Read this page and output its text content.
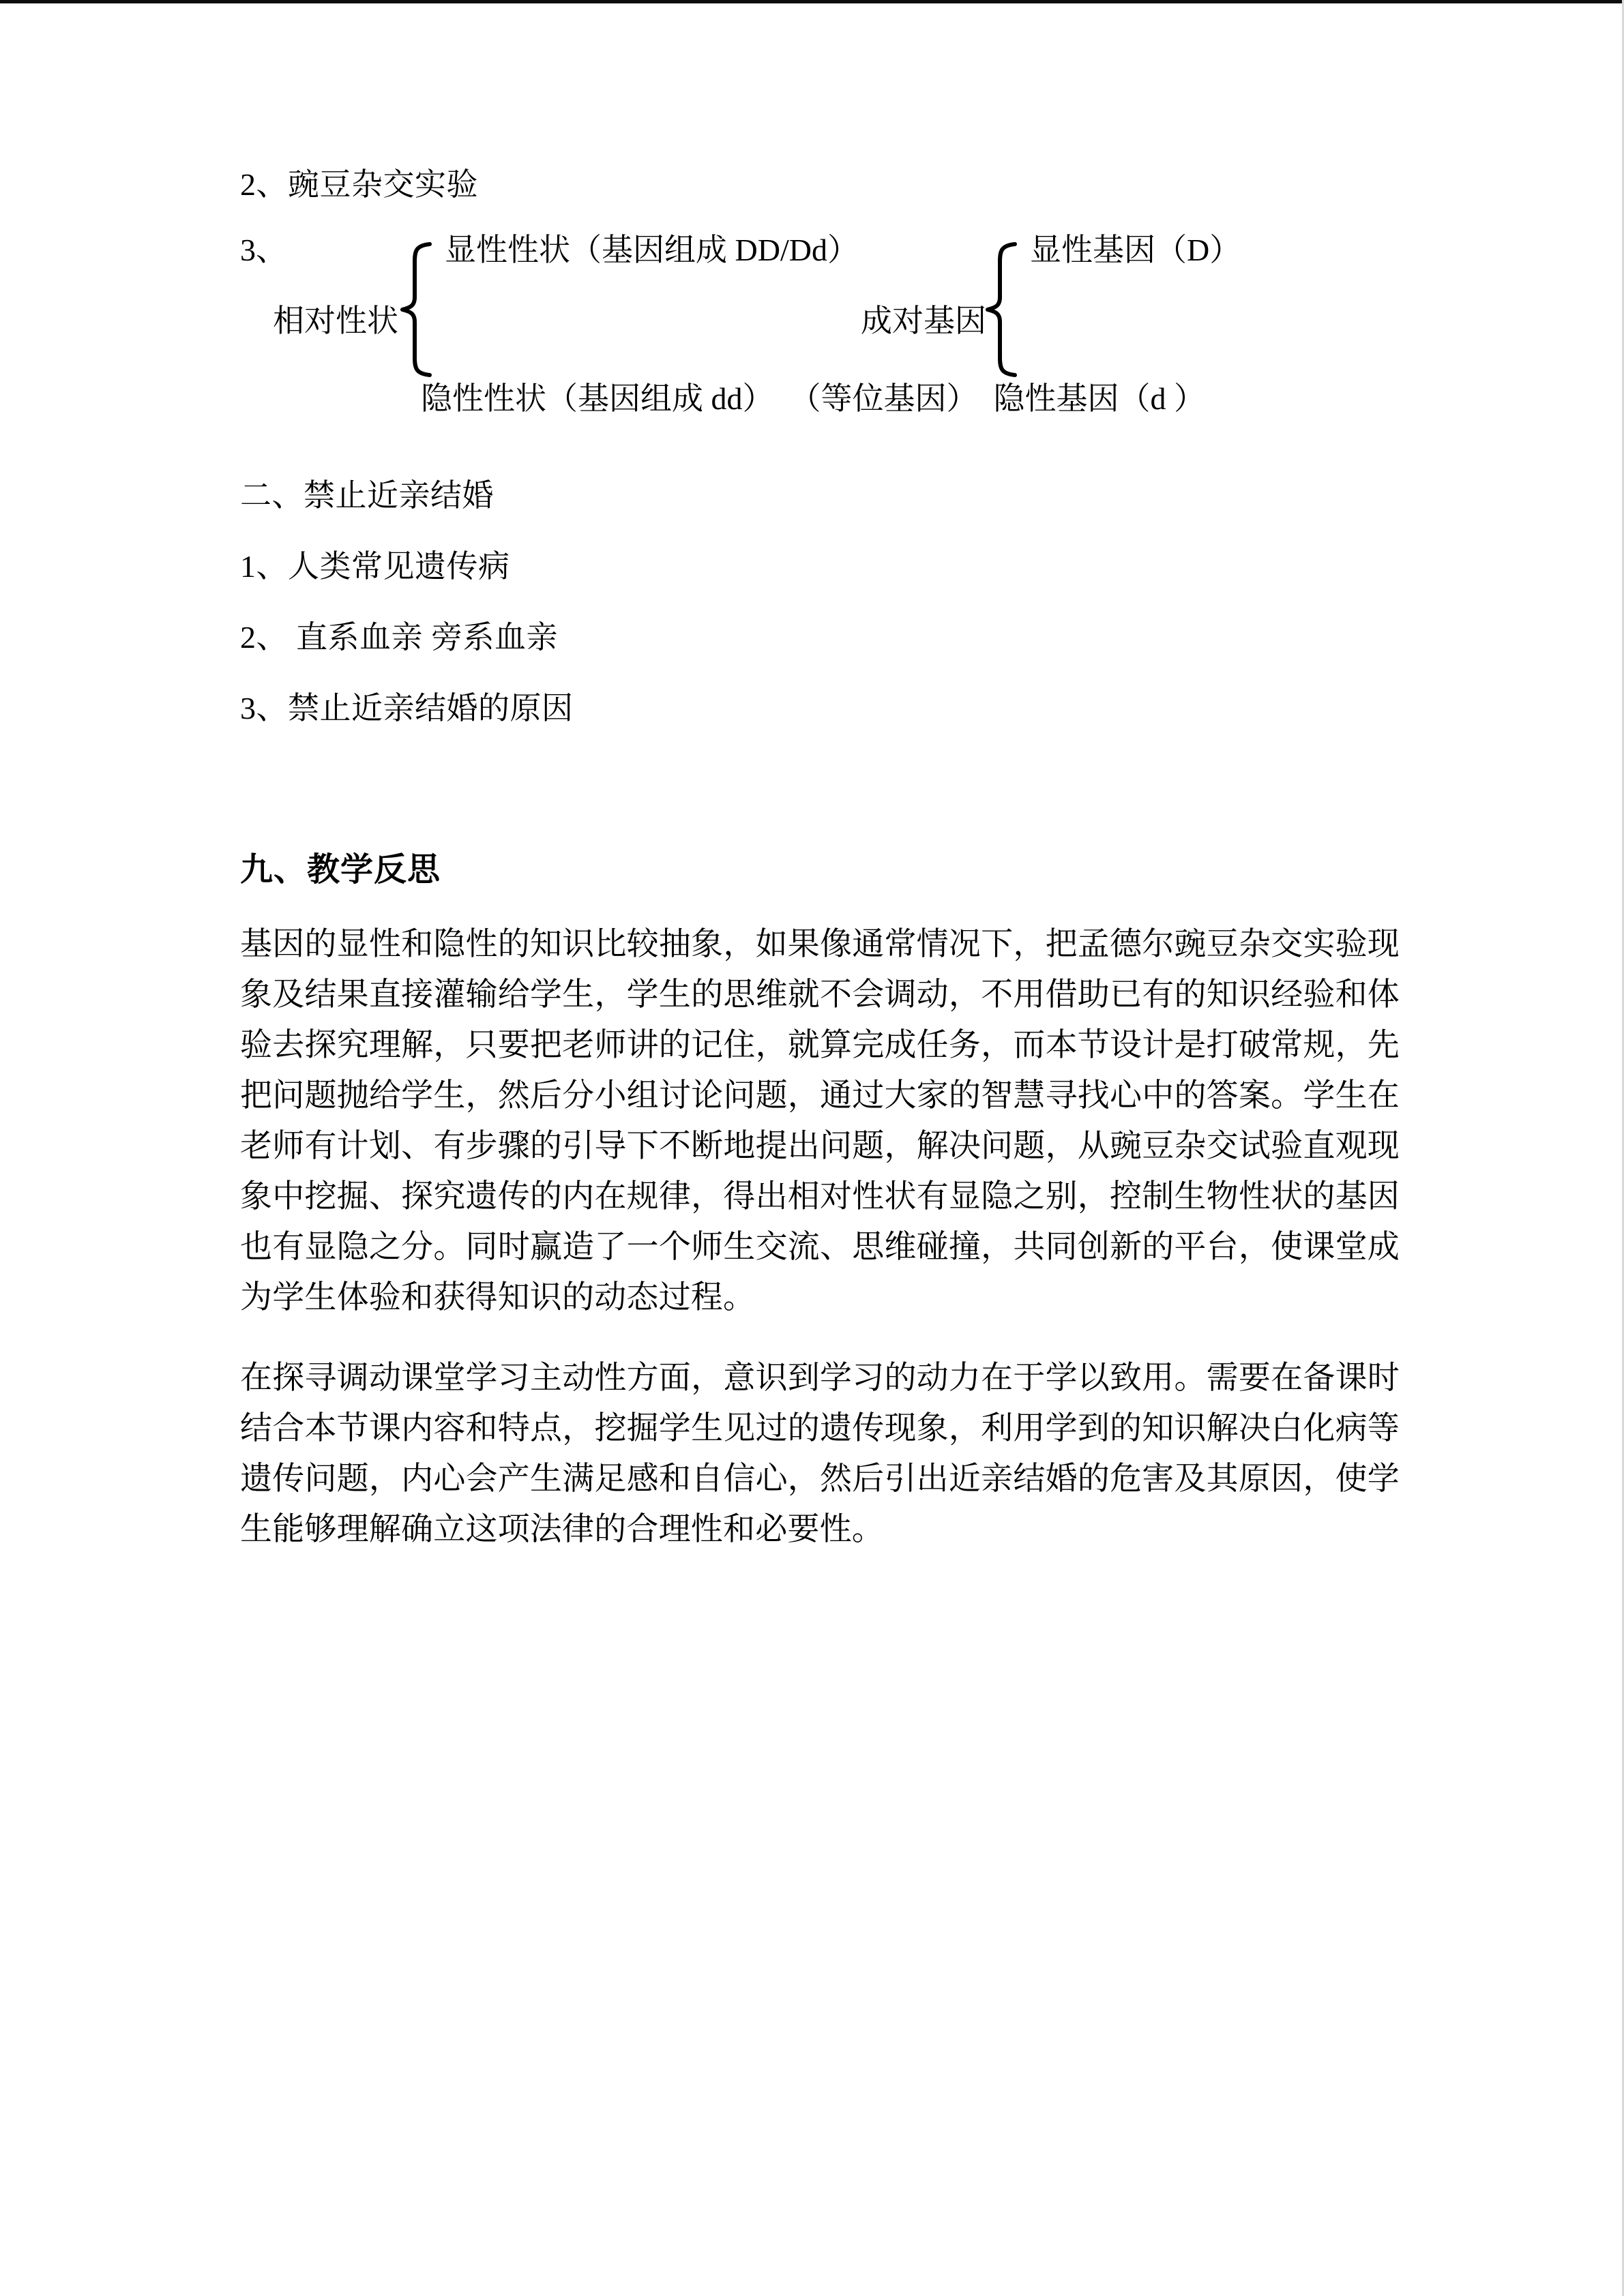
2、豌豆杂交实验

3、	显性性状（基因组成 DD/Dd）	显性基因（D）
相对性状	成对基因
隐性性状（基因组成 dd）  （等位基因）  隐性基因（d ）

二、禁止近亲结婚

1、人类常见遗传病

2、 直系血亲 旁系血亲

3、禁止近亲结婚的原因

九、教学反思

基因的显性和隐性的知识比较抽象，如果像通常情况下，把孟德尔豌豆杂交实验现象及结果直接灌输给学生，学生的思维就不会调动，不用借助已有的知识经验和体验去探究理解，只要把老师讲的记住，就算完成任务，而本节设计是打破常规，先把问题抛给学生，然后分小组讨论问题，通过大家的智慧寻找心中的答案。学生在老师有计划、有步骤的引导下不断地提出问题，解决问题，从豌豆杂交试验直观现象中挖掘、探究遗传的内在规律，得出相对性状有显隐之别，控制生物性状的基因也有显隐之分。同时赢造了一个师生交流、思维碰撞，共同创新的平台，使课堂成为学生体验和获得知识的动态过程。

在探寻调动课堂学习主动性方面，意识到学习的动力在于学以致用。需要在备课时结合本节课内容和特点，挖掘学生见过的遗传现象，利用学到的知识解决白化病等遗传问题，内心会产生满足感和自信心，然后引出近亲结婚的危害及其原因，使学生能够理解确立这项法律的合理性和必要性。
